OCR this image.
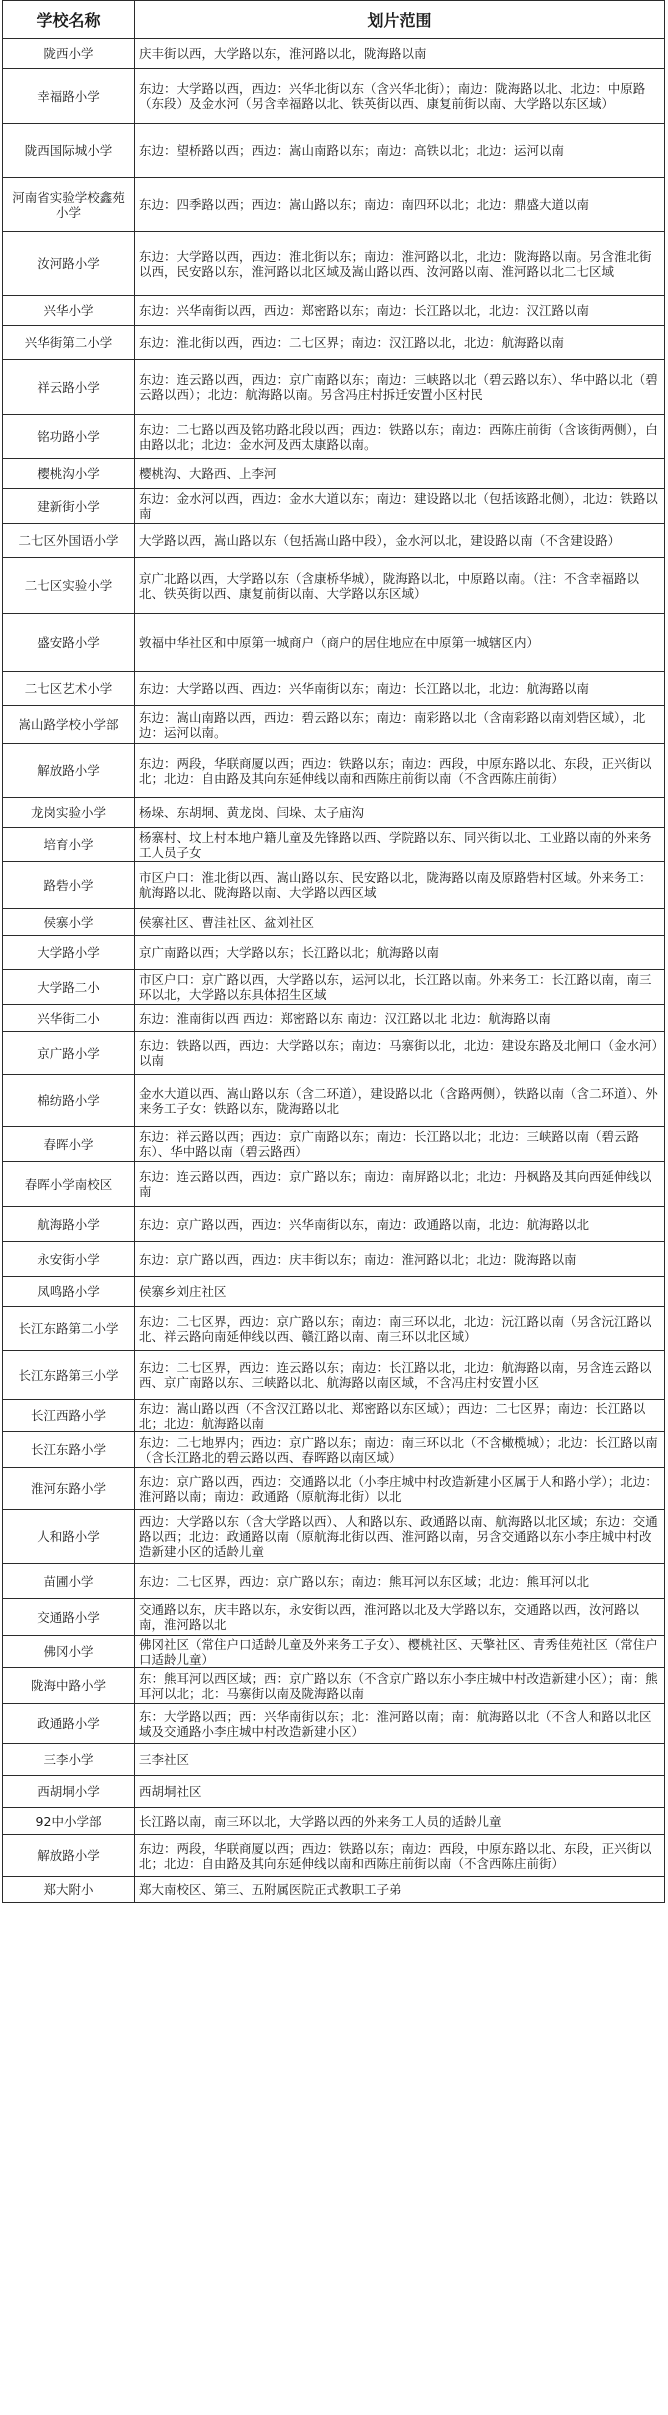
学校名称	划片范围
陇西小学	庆丰街以西，大学路以东，淮河路以北，陇海路以南
幸福路小学	东边：大学路以西，西边：兴华北街以东（含兴华北街）；南边：陇海路以北、北边：中原路（东段）及金水河（另含幸福路以北、铁英街以西、康复前街以南、大学路以东区域）
陇西国际城小学	东边：望桥路以西；西边：嵩山南路以东；南边：高铁以北；北边：运河以南
河南省实验学校鑫苑小学	东边：四季路以西；西边：嵩山路以东；南边：南四环以北；北边：鼎盛大道以南
汝河路小学	东边：大学路以西，西边：淮北街以东；南边：淮河路以北，北边：陇海路以南。另含淮北街以西，民安路以东，淮河路以北区域及嵩山路以西、汝河路以南、淮河路以北二七区域
兴华小学	东边：兴华南街以西，西边：郑密路以东；南边：长江路以北，北边：汉江路以南
兴华街第二小学	东边：淮北街以西，西边：二七区界；南边：汉江路以北，北边：航海路以南
祥云路小学	东边：连云路以西，西边：京广南路以东；南边：三峡路以北（碧云路以东）、华中路以北（碧云路以西）；北边：航海路以南。另含冯庄村拆迁安置小区村民
铭功路小学	东边：二七路以西及铭功路北段以西；西边：铁路以东；南边：西陈庄前街（含该街两侧），白由路以北；北边：金水河及西太康路以南。
樱桃沟小学	樱桃沟、大路西、上李河
建新街小学	东边：金水河以西，西边：金水大道以东；南边：建设路以北（包括该路北侧），北边：铁路以南
二七区外国语小学	大学路以西，嵩山路以东（包括嵩山路中段），金水河以北，建设路以南（不含建设路）
二七区实验小学	京广北路以西，大学路以东（含康桥华城），陇海路以北，中原路以南。（注：不含幸福路以北、铁英街以西、康复前街以南、大学路以东区域）
盛安路小学	敦福中华社区和中原第一城商户（商户的居住地应在中原第一城辖区内）
二七区艺术小学	东边：大学路以西、西边：兴华南街以东；南边：长江路以北，北边：航海路以南
嵩山路学校小学部	东边：嵩山南路以西，西边：碧云路以东；南边：南彩路以北（含南彩路以南刘砦区域），北边：运河以南。
解放路小学	东边：两段，华联商厦以西；西边：铁路以东；南边：西段，中原东路以北、东段，正兴街以北；北边：自由路及其向东延伸线以南和西陈庄前街以南（不含西陈庄前街）
龙岗实验小学	杨垛、东胡垌、黄龙岗、闫垛、太子庙沟
培育小学	杨寨村、坟上村本地户籍儿童及先锋路以西、学院路以东、同兴街以北、工业路以南的外来务工人员子女
路砦小学	市区户口：淮北街以西、嵩山路以东、民安路以北，陇海路以南及原路砦村区域。外来务工：航海路以北、陇海路以南、大学路以西区域
侯寨小学	侯寨社区、曹洼社区、盆刘社区
大学路小学	京广南路以西；大学路以东；长江路以北；航海路以南
大学路二小	市区户口：京广路以西，大学路以东，运河以北，长江路以南。外来务工：长江路以南，南三环以北，大学路以东具体招生区域
兴华街二小	东边：淮南街以西 西边：郑密路以东 南边：汉江路以北 北边：航海路以南
京广路小学	东边：铁路以西，西边：大学路以东；南边：马寨街以北，北边：建设东路及北闸口（金水河）以南
棉纺路小学	金水大道以西、嵩山路以东（含二环道），建设路以北（含路两侧），铁路以南（含二环道）、外来务工子女：铁路以东，陇海路以北
春晖小学	东边：祥云路以西；西边：京广南路以东；南边：长江路以北；北边：三峡路以南（碧云路东）、华中路以南（碧云路西）
春晖小学南校区	东边：连云路以西，西边：京广路以东；南边：南屏路以北；北边：丹枫路及其向西延伸线以南
航海路小学	东边：京广路以西，西边：兴华南街以东，南边：政通路以南，北边：航海路以北
永安街小学	东边：京广路以西，西边：庆丰街以东；南边：淮河路以北；北边：陇海路以南
凤鸣路小学	侯寨乡刘庄社区
长江东路第二小学	东边：二七区界，西边：京广路以东；南边：南三环以北，北边：沅江路以南（另含沅江路以北、祥云路向南延伸线以西、赣江路以南、南三环以北区域）
长江东路第三小学	东边：二七区界，西边：连云路以东；南边：长江路以北，北边：航海路以南，另含连云路以西、京广南路以东、三峡路以北、航海路以南区域，不含冯庄村安置小区
长江西路小学	东边：嵩山路以西（不含汉江路以北、郑密路以东区域）；西边：二七区界；南边：长江路以北；北边：航海路以南
长江东路小学	东边：二七地界内；西边：京广路以东；南边：南三环以北（不含橄榄城）；北边：长江路以南（含长江路北的碧云路以西、春晖路以南区域）
淮河东路小学	东边：京广路以西，西边：交通路以北（小李庄城中村改造新建小区属于人和路小学）；北边：淮河路以南；南边：政通路（原航海北街）以北
人和路小学	西边：大学路以东（含大学路以西）、人和路以东、政通路以南、航海路以北区域；东边：交通路以西；北边：政通路以南（原航海北街以西、淮河路以南，另含交通路以东小李庄城中村改造新建小区的适龄儿童
苗圃小学	东边：二七区界，西边：京广路以东；南边：熊耳河以东区域；北边：熊耳河以北
交通路小学	交通路以东，庆丰路以东，永安街以西，淮河路以北及大学路以东，交通路以西，汝河路以南，淮河路以北
佛冈小学	佛冈社区（常住户口适龄儿童及外来务工子女）、樱桃社区、天擎社区、青秀佳苑社区（常住户口适龄儿童）
陇海中路小学	东：熊耳河以西区域；西：京广路以东（不含京广路以东小李庄城中村改造新建小区）；南：熊耳河以北；北：马寨街以南及陇海路以南
政通路小学	东：大学路以西；西：兴华南街以东；北：淮河路以南；南：航海路以北（不含人和路以北区域及交通路小李庄城中村改造新建小区）
三李小学	三李社区
西胡垌小学	西胡垌社区
92中小学部	长江路以南，南三环以北，大学路以西的外来务工人员的适龄儿童
解放路小学	东边：两段，华联商厦以西；西边：铁路以东；南边：西段，中原东路以北、东段，正兴街以北；北边：自由路及其向东延伸线以南和西陈庄前街以南（不含西陈庄前街）
郑大附小	郑大南校区、第三、五附属医院正式教职工子弟
